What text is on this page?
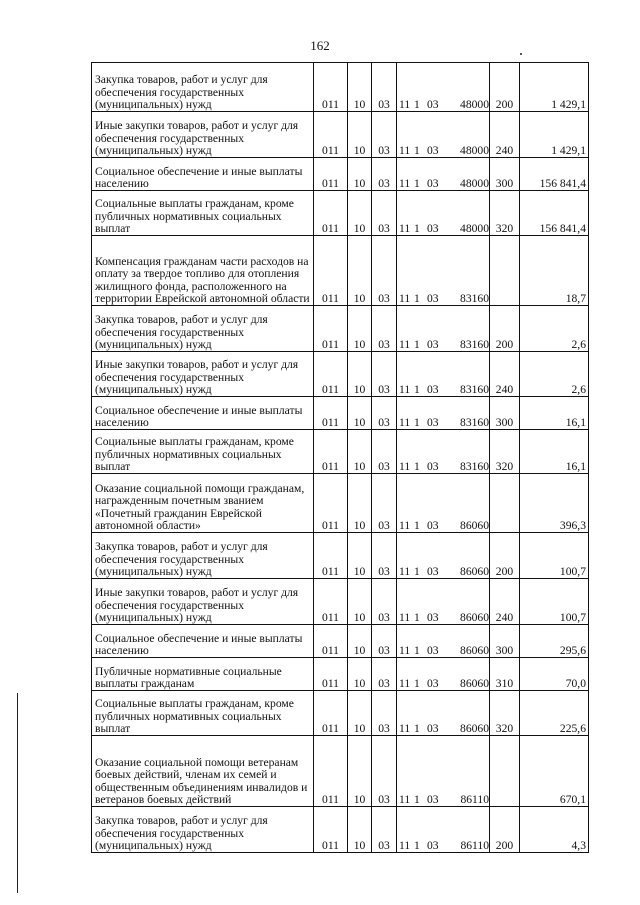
162
Закупка товаров, работ и услуг для обеспечения государственных (муниципальных) нужд	011	10	03	11 1 03 48000	200	1 429,1
Иные закупки товаров, работ и услуг для обеспечения государственных (муниципальных) нужд	011	10	03	11 1 03 48000	240	1 429,1
Социальное обеспечение и иные выплаты населению	011	10	03	11 1 03 48000	300	156 841,4
Социальные выплаты гражданам, кроме публичных нормативных социальных выплат	011	10	03	11 1 03 48000	320	156 841,4
Компенсация гражданам части расходов на оплату за твердое топливо для отопления жилищного фонда, расположенного на территории Еврейской автономной области	011	10	03	11 1 03 83160		18,7
Закупка товаров, работ и услуг для обеспечения государственных (муниципальных) нужд	011	10	03	11 1 03 83160	200	2,6
Иные закупки товаров, работ и услуг для обеспечения государственных (муниципальных) нужд	011	10	03	11 1 03 83160	240	2,6
Социальное обеспечение и иные выплаты населению	011	10	03	11 1 03 83160	300	16,1
Социальные выплаты гражданам, кроме публичных нормативных социальных выплат	011	10	03	11 1 03 83160	320	16,1
Оказание социальной помощи гражданам, награжденным почетным званием «Почетный гражданин Еврейской автономной области»	011	10	03	11 1 03 86060		396,3
Закупка товаров, работ и услуг для обеспечения государственных (муниципальных) нужд	011	10	03	11 1 03 86060	200	100,7
Иные закупки товаров, работ и услуг для обеспечения государственных (муниципальных) нужд	011	10	03	11 1 03 86060	240	100,7
Социальное обеспечение и иные выплаты населению	011	10	03	11 1 03 86060	300	295,6
Публичные нормативные социальные выплаты гражданам	011	10	03	11 1 03 86060	310	70,0
Социальные выплаты гражданам, кроме публичных нормативных социальных выплат	011	10	03	11 1 03 86060	320	225,6
Оказание социальной помощи ветеранам боевых действий, членам их семей и общественным объединениям инвалидов и ветеранов боевых действий	011	10	03	11 1 03 86110		670,1
Закупка товаров, работ и услуг для обеспечения государственных (муниципальных) нужд	011	10	03	11 1 03 86110	200	4,3
